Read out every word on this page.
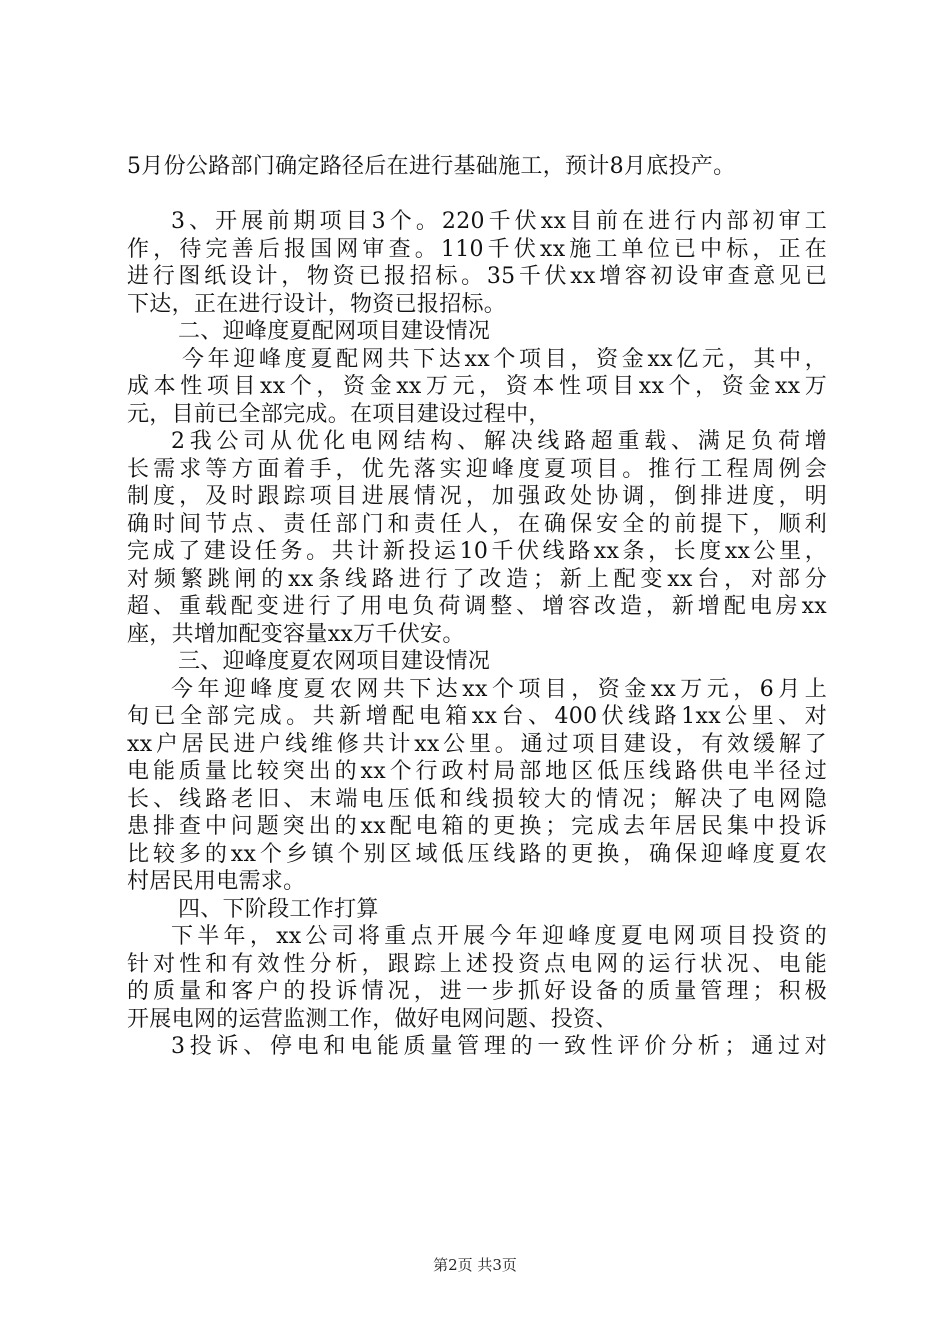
5月份公路部门确定路径后在进行基础施工，预计8月底投产。
3、开展前期项目3个。220千伏xx目前在进行内部初审工
作，待完善后报国网审查。110千伏xx施工单位已中标，正在
进行图纸设计，物资已报招标。35千伏xx增容初设审查意见已
下达，正在进行设计，物资已报招标。
二、迎峰度夏配网项目建设情况
今年迎峰度夏配网共下达xx个项目，资金xx亿元，其中，
成本性项目xx个，资金xx万元，资本性项目xx个，资金xx万
元，目前已全部完成。在项目建设过程中，
2我公司从优化电网结构、解决线路超重载、满足负荷增
长需求等方面着手，优先落实迎峰度夏项目。推行工程周例会
制度，及时跟踪项目进展情况，加强政处协调，倒排进度，明
确时间节点、责任部门和责任人，在确保安全的前提下，顺利
完成了建设任务。共计新投运10千伏线路xx条，长度xx公里，
对频繁跳闸的xx条线路进行了改造；新上配变xx台，对部分
超、重载配变进行了用电负荷调整、增容改造，新增配电房xx
座，共增加配变容量xx万千伏安。
三、迎峰度夏农网项目建设情况
今年迎峰度夏农网共下达xx个项目，资金xx万元，6月上
旬已全部完成。共新增配电箱xx台、400伏线路1xx公里、对
xx户居民进户线维修共计xx公里。通过项目建设，有效缓解了
电能质量比较突出的xx个行政村局部地区低压线路供电半径过
长、线路老旧、末端电压低和线损较大的情况；解决了电网隐
患排查中问题突出的xx配电箱的更换；完成去年居民集中投诉
比较多的xx个乡镇个别区域低压线路的更换，确保迎峰度夏农
村居民用电需求。
四、下阶段工作打算
下半年，xx公司将重点开展今年迎峰度夏电网项目投资的
针对性和有效性分析，跟踪上述投资点电网的运行状况、电能
的质量和客户的投诉情况，进一步抓好设备的质量管理；积极
开展电网的运营监测工作，做好电网问题、投资、
3投诉、停电和电能质量管理的一致性评价分析；通过对
第2页 共3页
